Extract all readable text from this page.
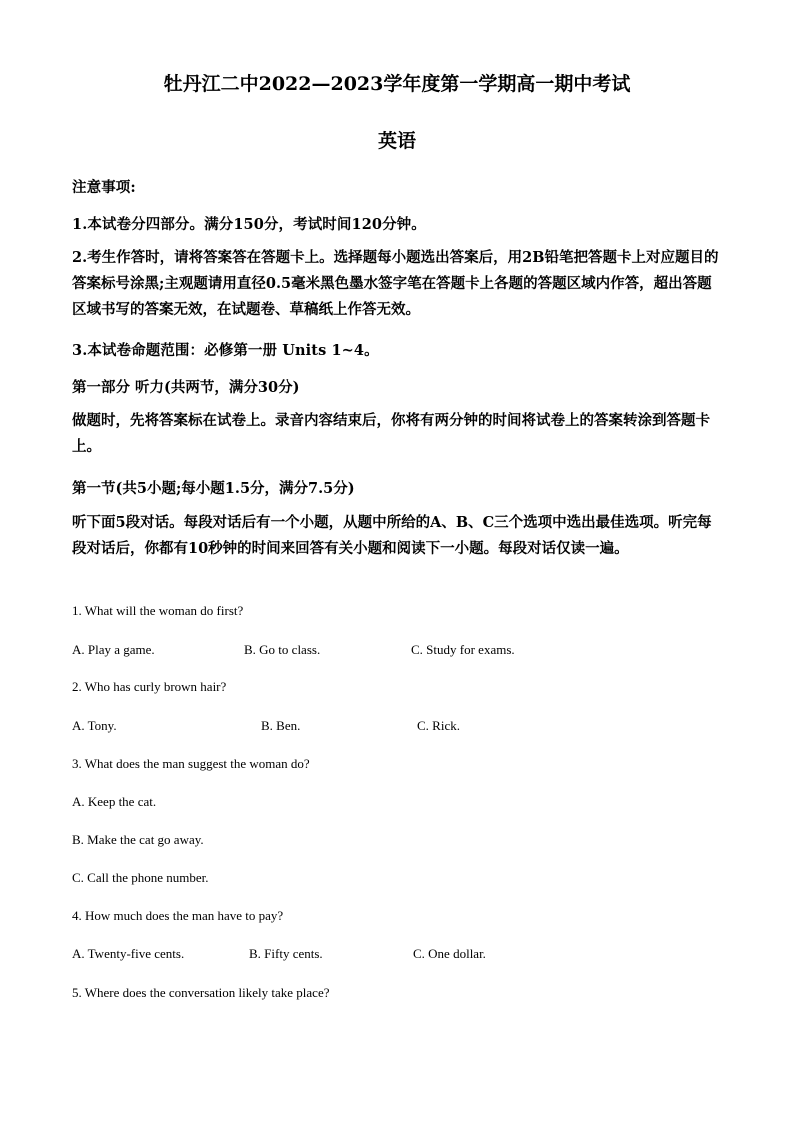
牡丹江二中2022—2023学年度第一学期高一期中考试
英语

注意事项:

1.本试卷分四部分。满分150分，考试时间120分钟。

2.考生作答时，请将答案答在答题卡上。选择题每小题选出答案后，用2B铅笔把答题卡上对应题目的答案标号涂黑;主观题请用直径0.5毫米黑色墨水签字笔在答题卡上各题的答题区域内作答，超出答题区域书写的答案无效，在试题卷、草稿纸上作答无效。

3.本试卷命题范围：必修第一册 Units 1~4。

第一部分 听力(共两节，满分30分)

做题时，先将答案标在试卷上。录音内容结束后，你将有两分钟的时间将试卷上的答案转涂到答题卡上。

第一节(共5小题;每小题1.5分，满分7.5分)

听下面5段对话。每段对话后有一个小题，从题中所给的A、B、C三个选项中选出最佳选项。听完每段对话后，你都有10秒钟的时间来回答有关小题和阅读下一小题。每段对话仅读一遍。

1. What will the woman do first?

A. Play a game.	B. Go to class.	C. Study for exams.

2. Who has curly brown hair?

A. Tony.	B. Ben.	C. Rick.

3. What does the man suggest the woman do?

A. Keep the cat.

B. Make the cat go away.

C. Call the phone number.

4. How much does the man have to pay?

A. Twenty-five cents.	B. Fifty cents.	C. One dollar.

5. Where does the conversation likely take place?
